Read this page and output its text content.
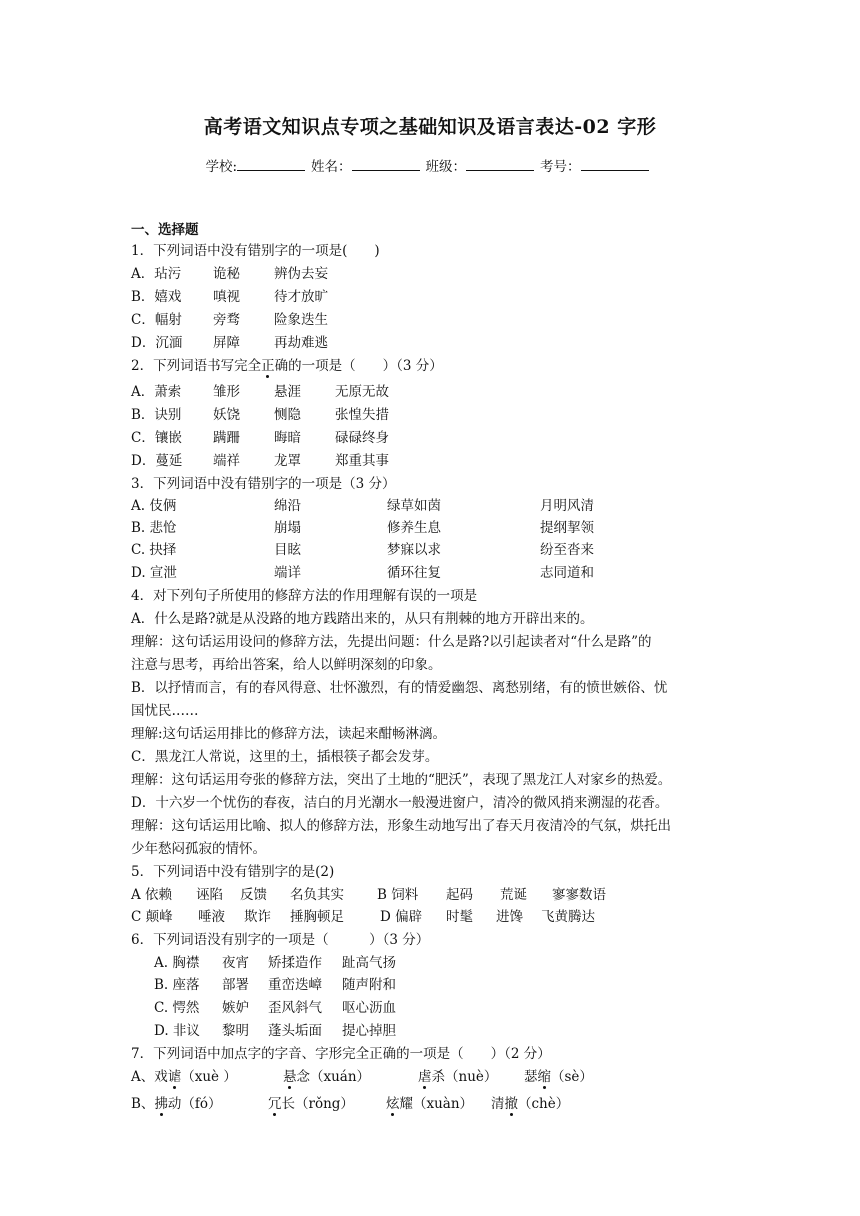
高考语文知识点专项之基础知识及语言表达-02 字形
学校:	姓名：	班级：	考号：
一、选择题
1．下列词语中没有错别字的一项是(　　)
A．玷污 诡秘	辨伪去妄
B．嬉戏 嗔视	待才放旷
C．幅射 旁骛	险象迭生
D．沉湎 屏障	再劫难逃
2．下列词语书写完全正确的一项是（　　）（3 分）
A．萧索 雏形	悬涯	无原无故
B．诀别 妖饶	恻隐	张惶失措
C．镶嵌 蹒跚	晦暗	碌碌终身
D．蔓延 端祥	龙罩	郑重其事
3．下列词语中没有错别字的一项是（3 分）
A. 伎俩	绵沿	绿草如茵	月明风清
B. 悲怆	崩塌	修养生息	提纲挈领
C. 抉择	目眩	梦寐以求	纷至沓来
D. 宣泄	端详	循环往复	志同道和
4．对下列句子所使用的修辞方法的作用理解有误的一项是
A．什么是路?就是从没路的地方践踏出来的，从只有荆棘的地方开辟出来的。
理解：这句话运用设问的修辞方法，先提出问题：什么是路?以引起读者对“什么是路”的
注意与思考，再给出答案，给人以鲜明深刻的印象。
B．以抒情而言，有的春风得意、壮怀激烈，有的情爱幽怨、离愁别绪，有的愤世嫉俗、忧
国忧民……
理解:这句话运用排比的修辞方法，读起来酣畅淋漓。
C．黑龙江人常说，这里的土，插根筷子都会发芽。
理解：这句话运用夸张的修辞方法，突出了土地的“肥沃”，表现了黑龙江人对家乡的热爱。
D．十六岁一个忧伤的春夜，洁白的月光潮水一般漫进窗户，清冷的微风捎来溯湿的花香。
理解：这句话运用比喻、拟人的修辞方法，形象生动地写出了春天月夜清冷的气氛，烘托出
少年愁闷孤寂的情怀。
5．下列词语中没有错别字的是(2)
A 依赖 诬陷 反馈 名负其实 B 饲料 起码 荒诞 寥寥数语
C 颠峰 唾液 欺诈 捶胸顿足	D 偏辟 时髦 进馋 飞黄腾达
6．下列词语没有别字的一项是（　　　）（3 分）
A. 胸襟 夜宵 矫揉造作 趾高气扬
B. 座落 部署 重峦迭嶂 随声附和
C. 愕然 嫉妒 歪风斜气 呕心沥血
D. 非议 黎明 蓬头垢面 提心掉胆
7．下列词语中加点字的字音、字形完全正确的一项是（　　）（2 分）
A、戏谑（xuè ）	悬念（xuán）	虐杀（nuè） 瑟缩（sè）
B、拂动（fó）	冗长（rǒng） 炫耀（xuàn） 清撤（chè）
